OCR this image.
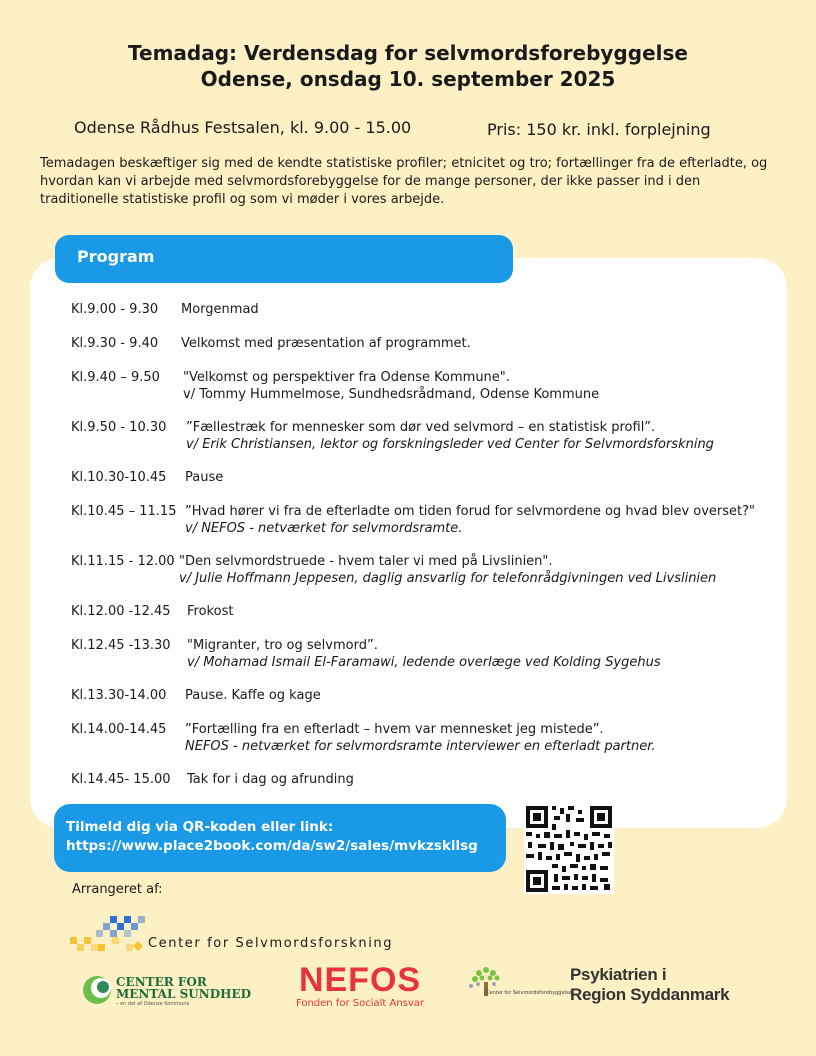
Temadag: Verdensdag for selvmordsforebyggelse
Odense, onsdag 10. september 2025
Odense Rådhus Festsalen, kl. 9.00 - 15.00	Pris: 150 kr. inkl. forplejning
Temadagen beskæftiger sig med de kendte statistiske profiler; etnicitet og tro; fortællinger fra de efterladte, og hvordan kan vi arbejde med selvmordsforebyggelse for de mange personer, der ikke passer ind i den traditionelle statistiske profil og som vi møder i vores arbejde.
Program
Kl.9.00 - 9.30 Morgenmad
Kl.9.30 - 9.40 Velkomst med præsentation af programmet.
Kl.9.40 – 9.50 "Velkomst og perspektiver fra Odense Kommune".
v/ Tommy Hummelmose, Sundhedsrådmand, Odense Kommune
Kl.9.50 - 10.30 ”Fællestræk for mennesker som dør ved selvmord – en statistisk profil”.
v/ Erik Christiansen, lektor og forskningsleder ved Center for Selvmordsforskning
Kl.10.30-10.45 Pause
Kl.10.45 – 11.15 ”Hvad hører vi fra de efterladte om tiden forud for selvmordene og hvad blev overset?"
v/ NEFOS - netværket for selvmordsramte.
Kl.11.15 - 12.00 "Den selvmordstruede - hvem taler vi med på Livslinien".
v/ Julie Hoffmann Jeppesen, daglig ansvarlig for telefonrådgivningen ved Livslinien
Kl.12.00 -12.45 Frokost
Kl.12.45 -13.30 "Migranter, tro og selvmord”.
v/ Mohamad Ismail El-Faramawi, ledende overlæge ved Kolding Sygehus
Kl.13.30-14.00 Pause. Kaffe og kage
Kl.14.00-14.45 ”Fortælling fra en efterladt – hvem var mennesket jeg mistede”.
NEFOS - netværket for selvmordsramte interviewer en efterladt partner.
Kl.14.45- 15.00 Tak for i dag og afrunding
Tilmeld dig via QR-koden eller link:
https://www.place2book.com/da/sw2/sales/mvkzskilsg
Arrangeret af:
Center for Selvmordsforskning
CENTER FOR
MENTAL SUNDHED
– en del af Odense Kommune
NEFOS
Fonden for Socialt Ansvar
Center for Selvmordsforebyggelse
Psykiatrien i
Region Syddanmark
